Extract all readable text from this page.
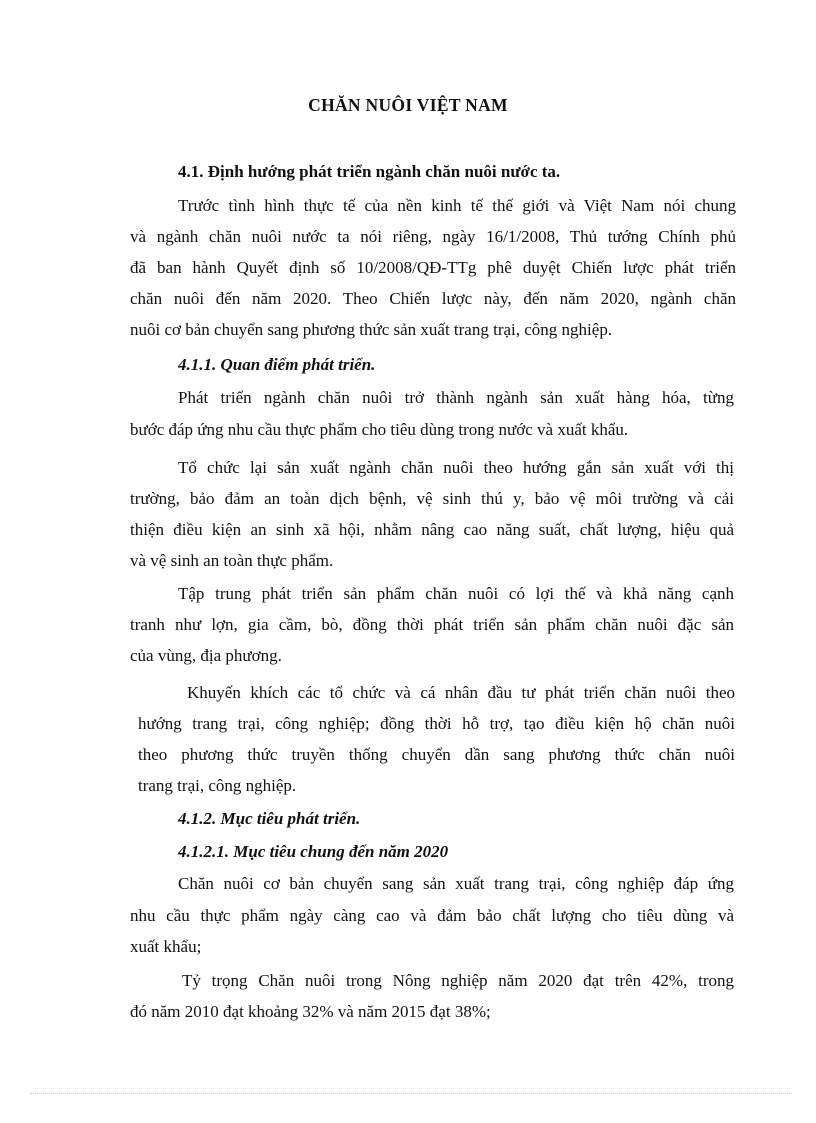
CHĂN NUÔI VIỆT NAM
4.1. Định hướng phát triển ngành chăn nuôi nước ta.
Trước tình hình thực tế của nền kinh tế thế giới và Việt Nam nói chung
và ngành chăn nuôi nước ta nói riêng, ngày 16/1/2008, Thủ tướng Chính phủ
đã ban hành Quyết định số 10/2008/QĐ-TTg phê duyệt Chiến lược phát triển
chăn nuôi đến năm 2020. Theo Chiến lược này, đến năm 2020, ngành chăn
nuôi cơ bản chuyển sang phương thức sản xuất trang trại, công nghiệp.
4.1.1. Quan điểm phát triển.
Phát triển ngành chăn nuôi trở thành ngành sản xuất hàng hóa, từng
bước đáp ứng nhu cầu thực phẩm cho tiêu dùng trong nước và xuất khẩu.
Tổ chức lại sản xuất ngành chăn nuôi theo hướng gắn sản xuất với thị
trường, bảo đảm an toàn dịch bệnh, vệ sinh thú y, bảo vệ môi trường và cải
thiện điều kiện an sinh xã hội, nhằm nâng cao năng suất, chất lượng, hiệu quả
và vệ sinh an toàn thực phẩm.
Tập trung phát triển sản phẩm chăn nuôi có lợi thế và khả năng cạnh
tranh như lợn, gia cầm, bò, đồng thời phát triển sản phẩm chăn nuôi đặc sản
của vùng, địa phương.
Khuyến khích các tổ chức và cá nhân đầu tư phát triển chăn nuôi theo
hướng trang trại, công nghiệp; đồng thời hỗ trợ, tạo điều kiện hộ chăn nuôi
theo phương thức truyền thống chuyển dần sang phương thức chăn nuôi
trang trại, công nghiệp.
4.1.2. Mục tiêu phát triển.
4.1.2.1. Mục tiêu chung đến năm 2020
Chăn nuôi cơ bản chuyển sang sản xuất trang trại, công nghiệp đáp ứng
nhu cầu thực phẩm ngày càng cao và đảm bảo chất lượng cho tiêu dùng và
xuất khẩu;
Tỷ trọng Chăn nuôi trong Nông nghiệp năm 2020 đạt trên 42%, trong
đó năm 2010 đạt khoảng 32% và năm 2015 đạt 38%;
